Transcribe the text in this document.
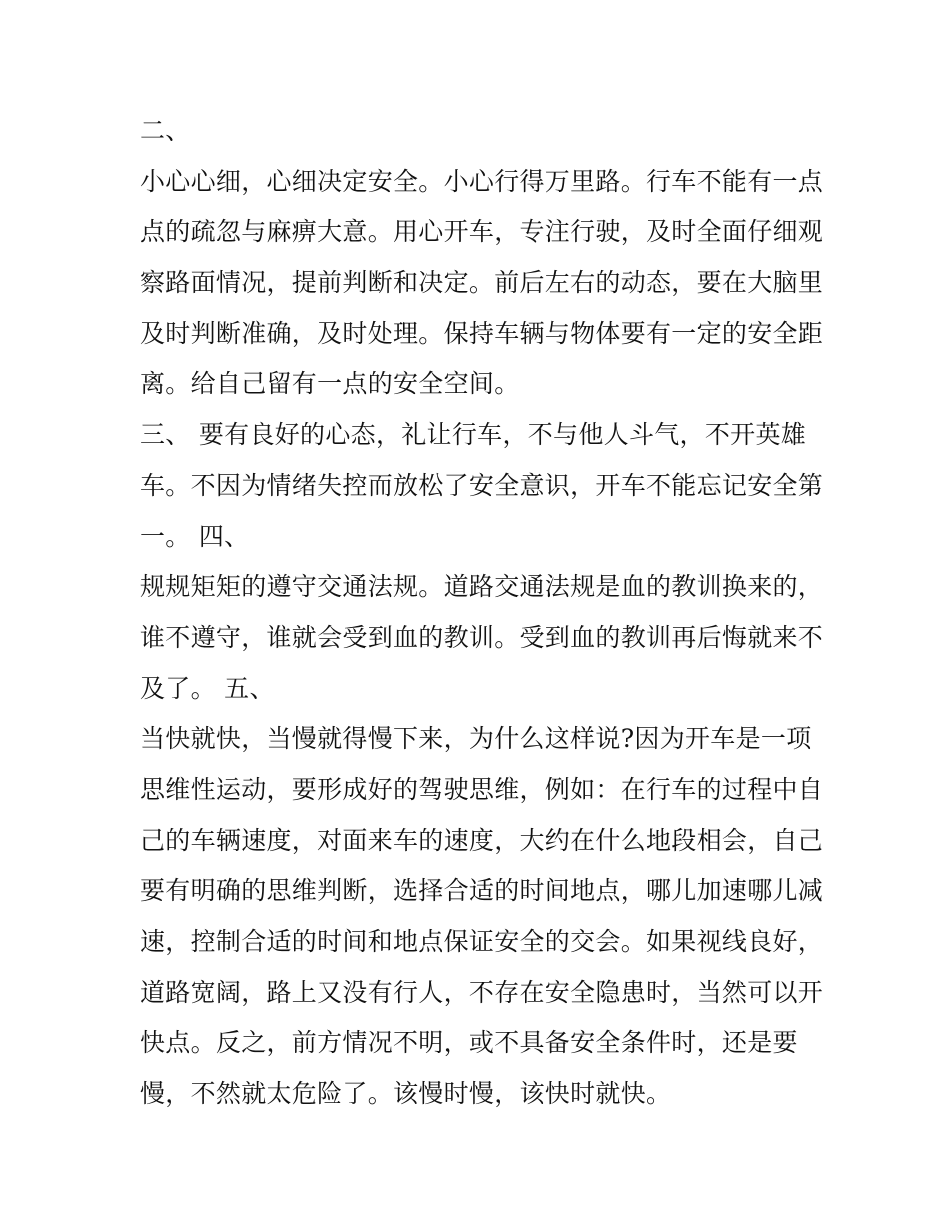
二、
小心心细，心细决定安全。小心行得万里路。行车不能有一点
点的疏忽与麻痹大意。用心开车，专注行驶，及时全面仔细观
察路面情况，提前判断和决定。前后左右的动态，要在大脑里
及时判断准确，及时处理。保持车辆与物体要有一定的安全距
离。给自己留有一点的安全空间。
三、 要有良好的心态，礼让行车，不与他人斗气，不开英雄
车。不因为情绪失控而放松了安全意识，开车不能忘记安全第
一。 四、
规规矩矩的遵守交通法规。道路交通法规是血的教训换来的，
谁不遵守，谁就会受到血的教训。受到血的教训再后悔就来不
及了。 五、
当快就快，当慢就得慢下来，为什么这样说?因为开车是一项
思维性运动，要形成好的驾驶思维，例如：在行车的过程中自
己的车辆速度，对面来车的速度，大约在什么地段相会，自己
要有明确的思维判断，选择合适的时间地点，哪儿加速哪儿减
速，控制合适的时间和地点保证安全的交会。如果视线良好，
道路宽阔，路上又没有行人，不存在安全隐患时，当然可以开
快点。反之，前方情况不明，或不具备安全条件时，还是要
慢，不然就太危险了。该慢时慢，该快时就快。
